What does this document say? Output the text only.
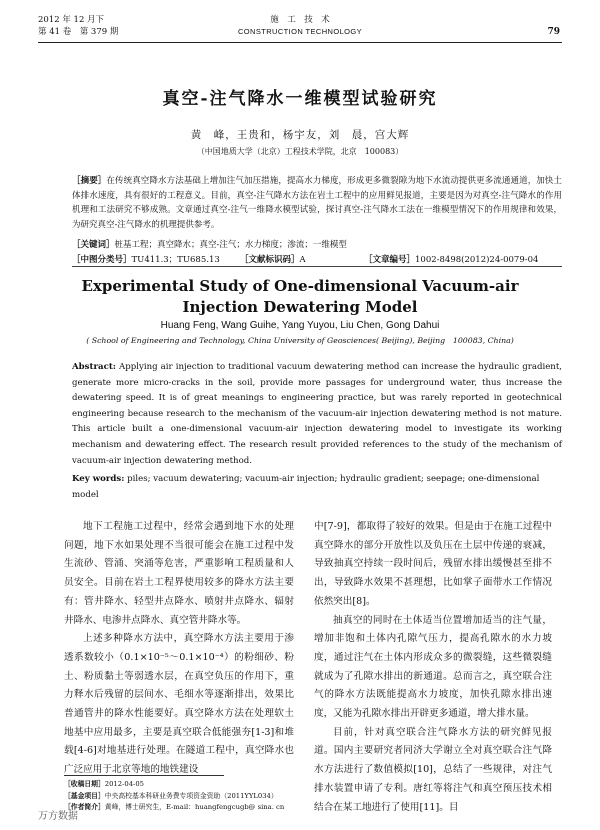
2012 年 12 月下
第 41 卷　第 379 期
施　工　技　术
CONSTRUCTION TECHNOLOGY	79
真空-注气降水一维模型试验研究
黄　峰，王贵和，杨宇友，刘　晨，宫大辉
（中国地质大学（北京）工程技术学院，北京　100083）
［摘要］在传统真空降水方法基础上增加注气加压措施，提高水力梯度，形成更多微裂隙为地下水流动提供更多流通通道，加快土体排水速度，具有很好的工程意义。目前，真空-注气降水方法在岩土工程中的应用鲜见报道，主要是因为对真空-注气降水的作用机理和工法研究不够成熟。文章通过真空-注气一维降水模型试验，探讨真空-注气降水工法在一维模型情况下的作用规律和效果，为研究真空-注气降水的机理提供参考。
［关键词］桩基工程；真空降水；真空-注气；水力梯度；渗流；一维模型
［中图分类号］TU411.3；TU685.13 ［文献标识码］A	［文章编号］1002-8498(2012)24-0079-04
Experimental Study of One-dimensional Vacuum-air
Injection Dewatering Model
Huang Feng, Wang Guihe, Yang Yuyou, Liu Chen, Gong Dahui
( School of Engineering and Technology, China University of Geosciences( Beijing), Beijing　100083, China)
Abstract: Applying air injection to traditional vacuum dewatering method can increase the hydraulic gradient, generate more micro-cracks in the soil, provide more passages for underground water, thus increase the dewatering speed. It is of great meanings to engineering practice, but was rarely reported in geotechnical engineering because research to the mechanism of the vacuum-air injection dewatering method is not mature. This article built a one-dimensional vacuum-air injection dewatering model to investigate its working mechanism and dewatering effect. The research result provided references to the study of the mechanism of vacuum-air injection dewatering method.
Key words: piles; vacuum dewatering; vacuum-air injection; hydraulic gradient; seepage; one-dimensional model

地下工程施工过程中，经常会遇到地下水的处理问题，地下水如果处理不当很可能会在施工过程中发生流砂、管涌、突涌等危害，严重影响工程质量和人员安全。目前在岩土工程界使用较多的降水方法主要有：管井降水、轻型井点降水、喷射井点降水、辐射井降水、电渗井点降水、真空管井降水等。

上述多种降水方法中，真空降水方法主要用于渗透系数较小（0.1×10⁻⁵～0.1×10⁻⁴）的粉细砂、粉土、粉质黏土等弱透水层，在真空负压的作用下，重力释水后残留的层间水、毛细水等逐渐排出，效果比普通管井的降水性能要好。真空降水方法在处理软土地基中应用最多，主要是真空联合低能强夯[1-3]和堆载[4-6]对地基进行处理。在隧道工程中，真空降水也广泛应用于北京等地的地铁建设

中[7-9]，都取得了较好的效果。但是由于在施工过程中真空降水的部分开放性以及负压在土层中传递的衰减，导致抽真空持续一段时间后，残留水排出缓慢甚至排不出，导致降水效果不甚理想，比如掌子面带水工作情况依然突出[8]。

抽真空的同时在土体适当位置增加适当的注气量，增加非饱和土体内孔隙气压力，提高孔隙水的水力坡度，通过注气在土体内形成众多的微裂缝，这些微裂缝就成为了孔隙水排出的新通道。总而言之，真空联合注气的降水方法既能提高水力坡度，加快孔隙水排出速度，又能为孔隙水排出开辟更多通道，增大排水量。

目前，针对真空联合注气降水方法的研究鲜见报道。国内主要研究者同济大学谢立全对真空联合注气降水方法进行了数值模拟[10]，总结了一些规律，对注气排水装置申请了专利。唐红等将注气和真空预压技术相结合在某工地进行了使用[11]。目

［收稿日期］2012-04-05
［基金项目］中央高校基本科研业务费专项资金资助（2011YYL034）
［作者简介］黄峰，博士研究生，E-mail：huangfengcugb@ sina. cn
万方数据
